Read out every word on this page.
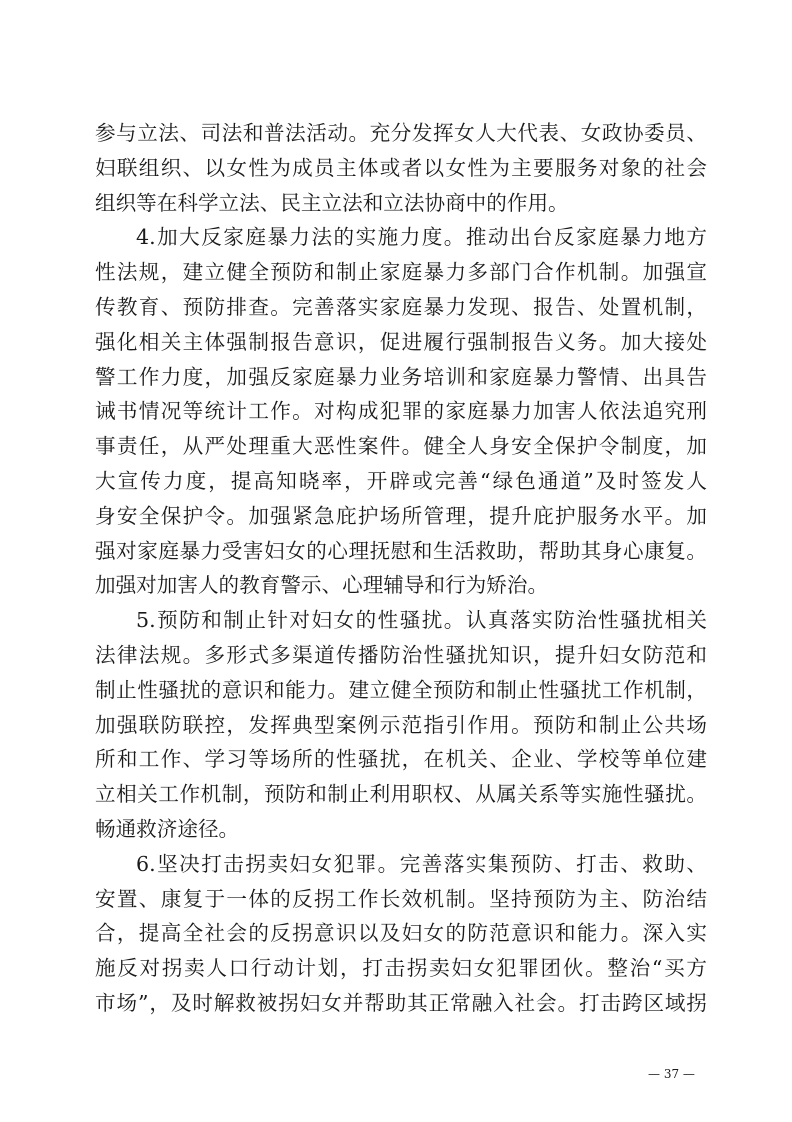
参与立法、司法和普法活动。充分发挥女人大代表、女政协委员、
妇联组织、以女性为成员主体或者以女性为主要服务对象的社会
组织等在科学立法、民主立法和立法协商中的作用。
4.加大反家庭暴力法的实施力度。推动出台反家庭暴力地方
性法规，建立健全预防和制止家庭暴力多部门合作机制。加强宣
传教育、预防排查。完善落实家庭暴力发现、报告、处置机制，
强化相关主体强制报告意识，促进履行强制报告义务。加大接处
警工作力度，加强反家庭暴力业务培训和家庭暴力警情、出具告
诫书情况等统计工作。对构成犯罪的家庭暴力加害人依法追究刑
事责任，从严处理重大恶性案件。健全人身安全保护令制度，加
大宣传力度，提高知晓率，开辟或完善“绿色通道”及时签发人
身安全保护令。加强紧急庇护场所管理，提升庇护服务水平。加
强对家庭暴力受害妇女的心理抚慰和生活救助，帮助其身心康复。
加强对加害人的教育警示、心理辅导和行为矫治。
5.预防和制止针对妇女的性骚扰。认真落实防治性骚扰相关
法律法规。多形式多渠道传播防治性骚扰知识，提升妇女防范和
制止性骚扰的意识和能力。建立健全预防和制止性骚扰工作机制，
加强联防联控，发挥典型案例示范指引作用。预防和制止公共场
所和工作、学习等场所的性骚扰，在机关、企业、学校等单位建
立相关工作机制，预防和制止利用职权、从属关系等实施性骚扰。
畅通救济途径。
6.坚决打击拐卖妇女犯罪。完善落实集预防、打击、救助、
安置、康复于一体的反拐工作长效机制。坚持预防为主、防治结
合，提高全社会的反拐意识以及妇女的防范意识和能力。深入实
施反对拐卖人口行动计划，打击拐卖妇女犯罪团伙。整治“买方
市场”，及时解救被拐妇女并帮助其正常融入社会。打击跨区域拐
— 37 —
